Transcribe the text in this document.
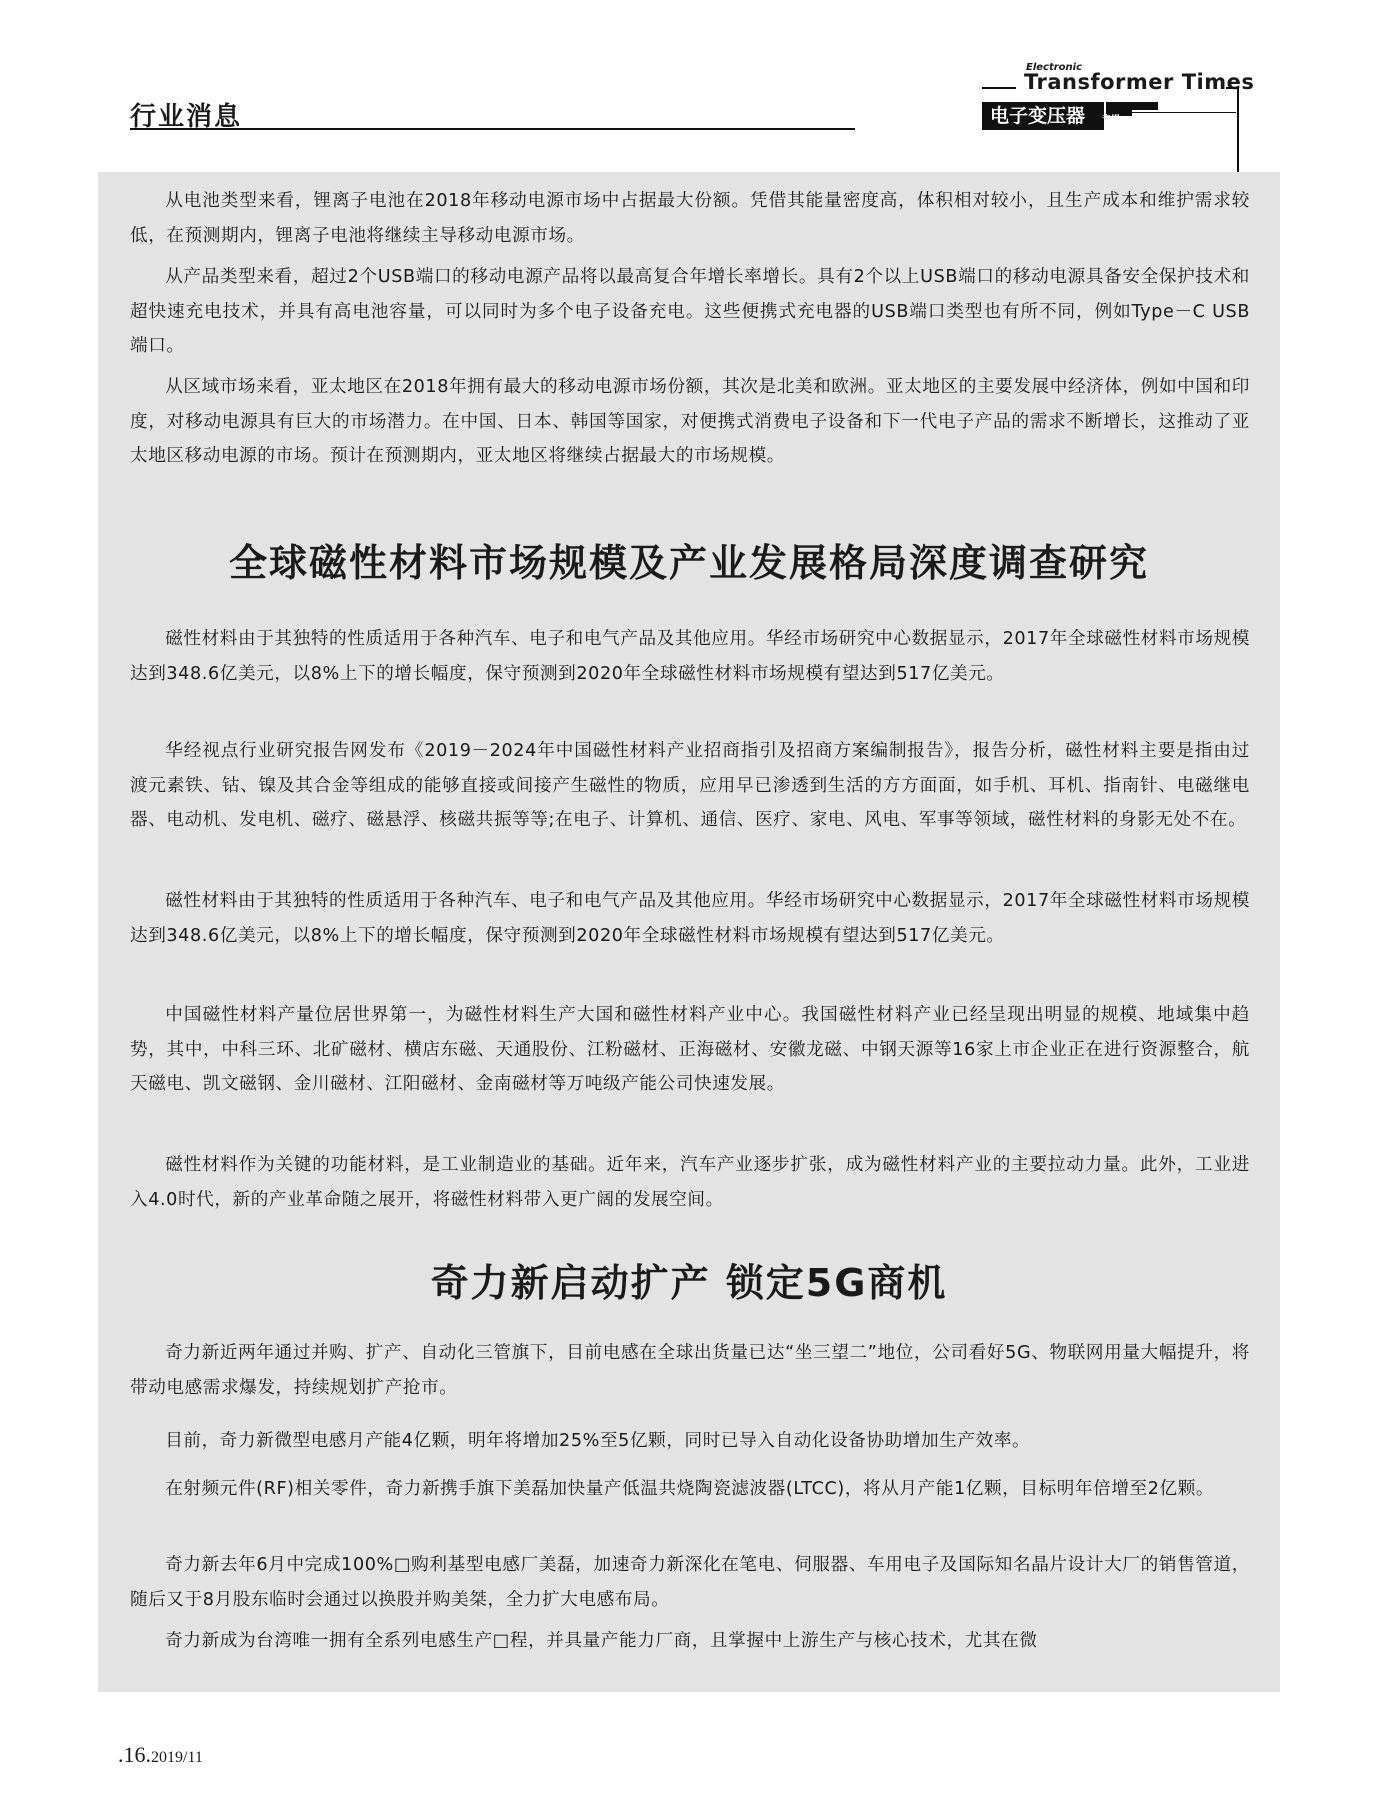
行业消息
Electronic
Transformer Times
电子变压器	专辑

从电池类型来看，锂离子电池在2018年移动电源市场中占据最大份额。凭借其能量密度高，体积相对较小，且生产成本和维护需求较低，在预测期内，锂离子电池将继续主导移动电源市场。

从产品类型来看，超过2个USB端口的移动电源产品将以最高复合年增长率增长。具有2个以上USB端口的移动电源具备安全保护技术和超快速充电技术，并具有高电池容量，可以同时为多个电子设备充电。这些便携式充电器的USB端口类型也有所不同，例如Type－C USB端口。

从区域市场来看，亚太地区在2018年拥有最大的移动电源市场份额，其次是北美和欧洲。亚太地区的主要发展中经济体，例如中国和印度，对移动电源具有巨大的市场潜力。在中国、日本、韩国等国家，对便携式消费电子设备和下一代电子产品的需求不断增长，这推动了亚太地区移动电源的市场。预计在预测期内，亚太地区将继续占据最大的市场规模。

全球磁性材料市场规模及产业发展格局深度调查研究

磁性材料由于其独特的性质适用于各种汽车、电子和电气产品及其他应用。华经市场研究中心数据显示，2017年全球磁性材料市场规模达到348.6亿美元，以8%上下的增长幅度，保守预测到2020年全球磁性材料市场规模有望达到517亿美元。

华经视点行业研究报告网发布《2019－2024年中国磁性材料产业招商指引及招商方案编制报告》，报告分析，磁性材料主要是指由过渡元素铁、钴、镍及其合金等组成的能够直接或间接产生磁性的物质，应用早已渗透到生活的方方面面，如手机、耳机、指南针、电磁继电器、电动机、发电机、磁疗、磁悬浮、核磁共振等等;在电子、计算机、通信、医疗、家电、风电、军事等领域，磁性材料的身影无处不在。

磁性材料由于其独特的性质适用于各种汽车、电子和电气产品及其他应用。华经市场研究中心数据显示，2017年全球磁性材料市场规模达到348.6亿美元，以8%上下的增长幅度，保守预测到2020年全球磁性材料市场规模有望达到517亿美元。

中国磁性材料产量位居世界第一，为磁性材料生产大国和磁性材料产业中心。我国磁性材料产业已经呈现出明显的规模、地域集中趋势，其中，中科三环、北矿磁材、横店东磁、天通股份、江粉磁材、正海磁材、安徽龙磁、中钢天源等16家上市企业正在进行资源整合，航天磁电、凯文磁钢、金川磁材、江阳磁材、金南磁材等万吨级产能公司快速发展。

磁性材料作为关键的功能材料，是工业制造业的基础。近年来，汽车产业逐步扩张，成为磁性材料产业的主要拉动力量。此外，工业进入4.0时代，新的产业革命随之展开，将磁性材料带入更广阔的发展空间。

奇力新启动扩产 锁定5G商机

奇力新近两年通过并购、扩产、自动化三管旗下，目前电感在全球出货量已达“坐三望二”地位，公司看好5G、物联网用量大幅提升，将带动电感需求爆发，持续规划扩产抢市。

目前，奇力新微型电感月产能4亿颗，明年将增加25%至5亿颗，同时已导入自动化设备协助增加生产效率。

在射频元件(RF)相关零件，奇力新携手旗下美磊加快量产低温共烧陶瓷滤波器(LTCC)，将从月产能1亿颗，目标明年倍增至2亿颗。

奇力新去年6月中完成100%□购利基型电感厂美磊，加速奇力新深化在笔电、伺服器、车用电子及国际知名晶片设计大厂的销售管道，随后又于8月股东临时会通过以换股并购美桀，全力扩大电感布局。

奇力新成为台湾唯一拥有全系列电感生产□程，并具量产能力厂商，且掌握中上游生产与核心技术，尤其在微

.16.2019/11
